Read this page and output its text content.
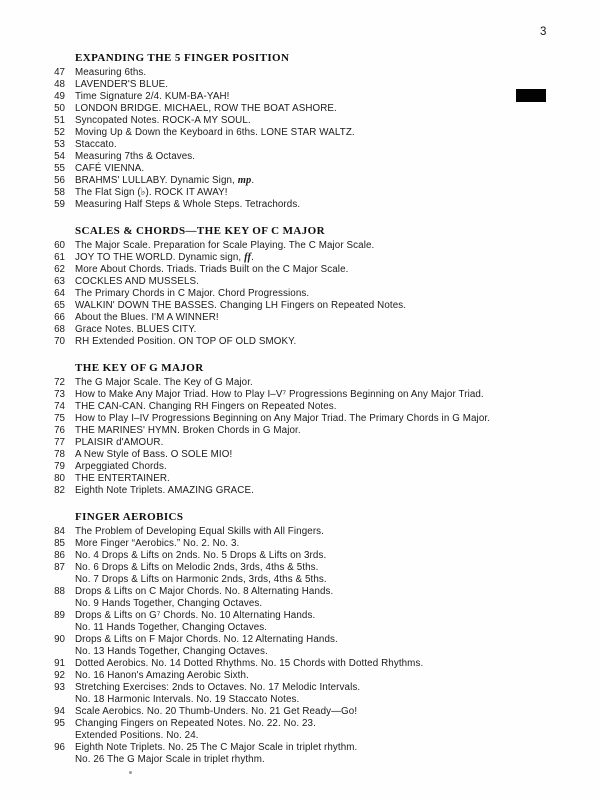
3
EXPANDING THE 5 FINGER POSITION
47 Measuring 6ths.
48 LAVENDER'S BLUE.
49 Time Signature 2/4. KUM-BA-YAH!
50 LONDON BRIDGE. MICHAEL, ROW THE BOAT ASHORE.
51 Syncopated Notes. ROCK-A MY SOUL.
52 Moving Up & Down the Keyboard in 6ths. LONE STAR WALTZ.
53 Staccato.
54 Measuring 7ths & Octaves.
55 CAFÉ VIENNA.
56 BRAHMS' LULLABY. Dynamic Sign, mp.
58 The Flat Sign (♭). ROCK IT AWAY!
59 Measuring Half Steps & Whole Steps. Tetrachords.
SCALES & CHORDS—THE KEY OF C MAJOR
60 The Major Scale. Preparation for Scale Playing. The C Major Scale.
61 JOY TO THE WORLD. Dynamic sign, ff.
62 More About Chords. Triads. Triads Built on the C Major Scale.
63 COCKLES AND MUSSELS.
64 The Primary Chords in C Major. Chord Progressions.
65 WALKIN' DOWN THE BASSES. Changing LH Fingers on Repeated Notes.
66 About the Blues. I'M A WINNER!
68 Grace Notes. BLUES CITY.
70 RH Extended Position. ON TOP OF OLD SMOKY.
THE KEY OF G MAJOR
72 The G Major Scale. The Key of G Major.
73 How to Make Any Major Triad. How to Play I–V⁷ Progressions Beginning on Any Major Triad.
74 THE CAN-CAN. Changing RH Fingers on Repeated Notes.
75 How to Play I–IV Progressions Beginning on Any Major Triad. The Primary Chords in G Major.
76 THE MARINES' HYMN. Broken Chords in G Major.
77 PLAISIR d'AMOUR.
78 A New Style of Bass. O SOLE MIO!
79 Arpeggiated Chords.
80 THE ENTERTAINER.
82 Eighth Note Triplets. AMAZING GRACE.
FINGER AEROBICS
84 The Problem of Developing Equal Skills with All Fingers.
85 More Finger “Aerobics.” No. 2. No. 3.
86 No. 4 Drops & Lifts on 2nds. No. 5 Drops & Lifts on 3rds.
87 No. 6 Drops & Lifts on Melodic 2nds, 3rds, 4ths & 5ths.
No. 7 Drops & Lifts on Harmonic 2nds, 3rds, 4ths & 5ths.
88 Drops & Lifts on C Major Chords. No. 8 Alternating Hands.
No. 9 Hands Together, Changing Octaves.
89 Drops & Lifts on G⁷ Chords. No. 10 Alternating Hands.
No. 11 Hands Together, Changing Octaves.
90 Drops & Lifts on F Major Chords. No. 12 Alternating Hands.
No. 13 Hands Together, Changing Octaves.
91 Dotted Aerobics. No. 14 Dotted Rhythms. No. 15 Chords with Dotted Rhythms.
92 No. 16 Hanon's Amazing Aerobic Sixth.
93 Stretching Exercises: 2nds to Octaves. No. 17 Melodic Intervals.
No. 18 Harmonic Intervals. No. 19 Staccato Notes.
94 Scale Aerobics. No. 20 Thumb-Unders. No. 21 Get Ready—Go!
95 Changing Fingers on Repeated Notes. No. 22. No. 23.
Extended Positions. No. 24.
96 Eighth Note Triplets. No. 25 The C Major Scale in triplet rhythm.
No. 26 The G Major Scale in triplet rhythm.
